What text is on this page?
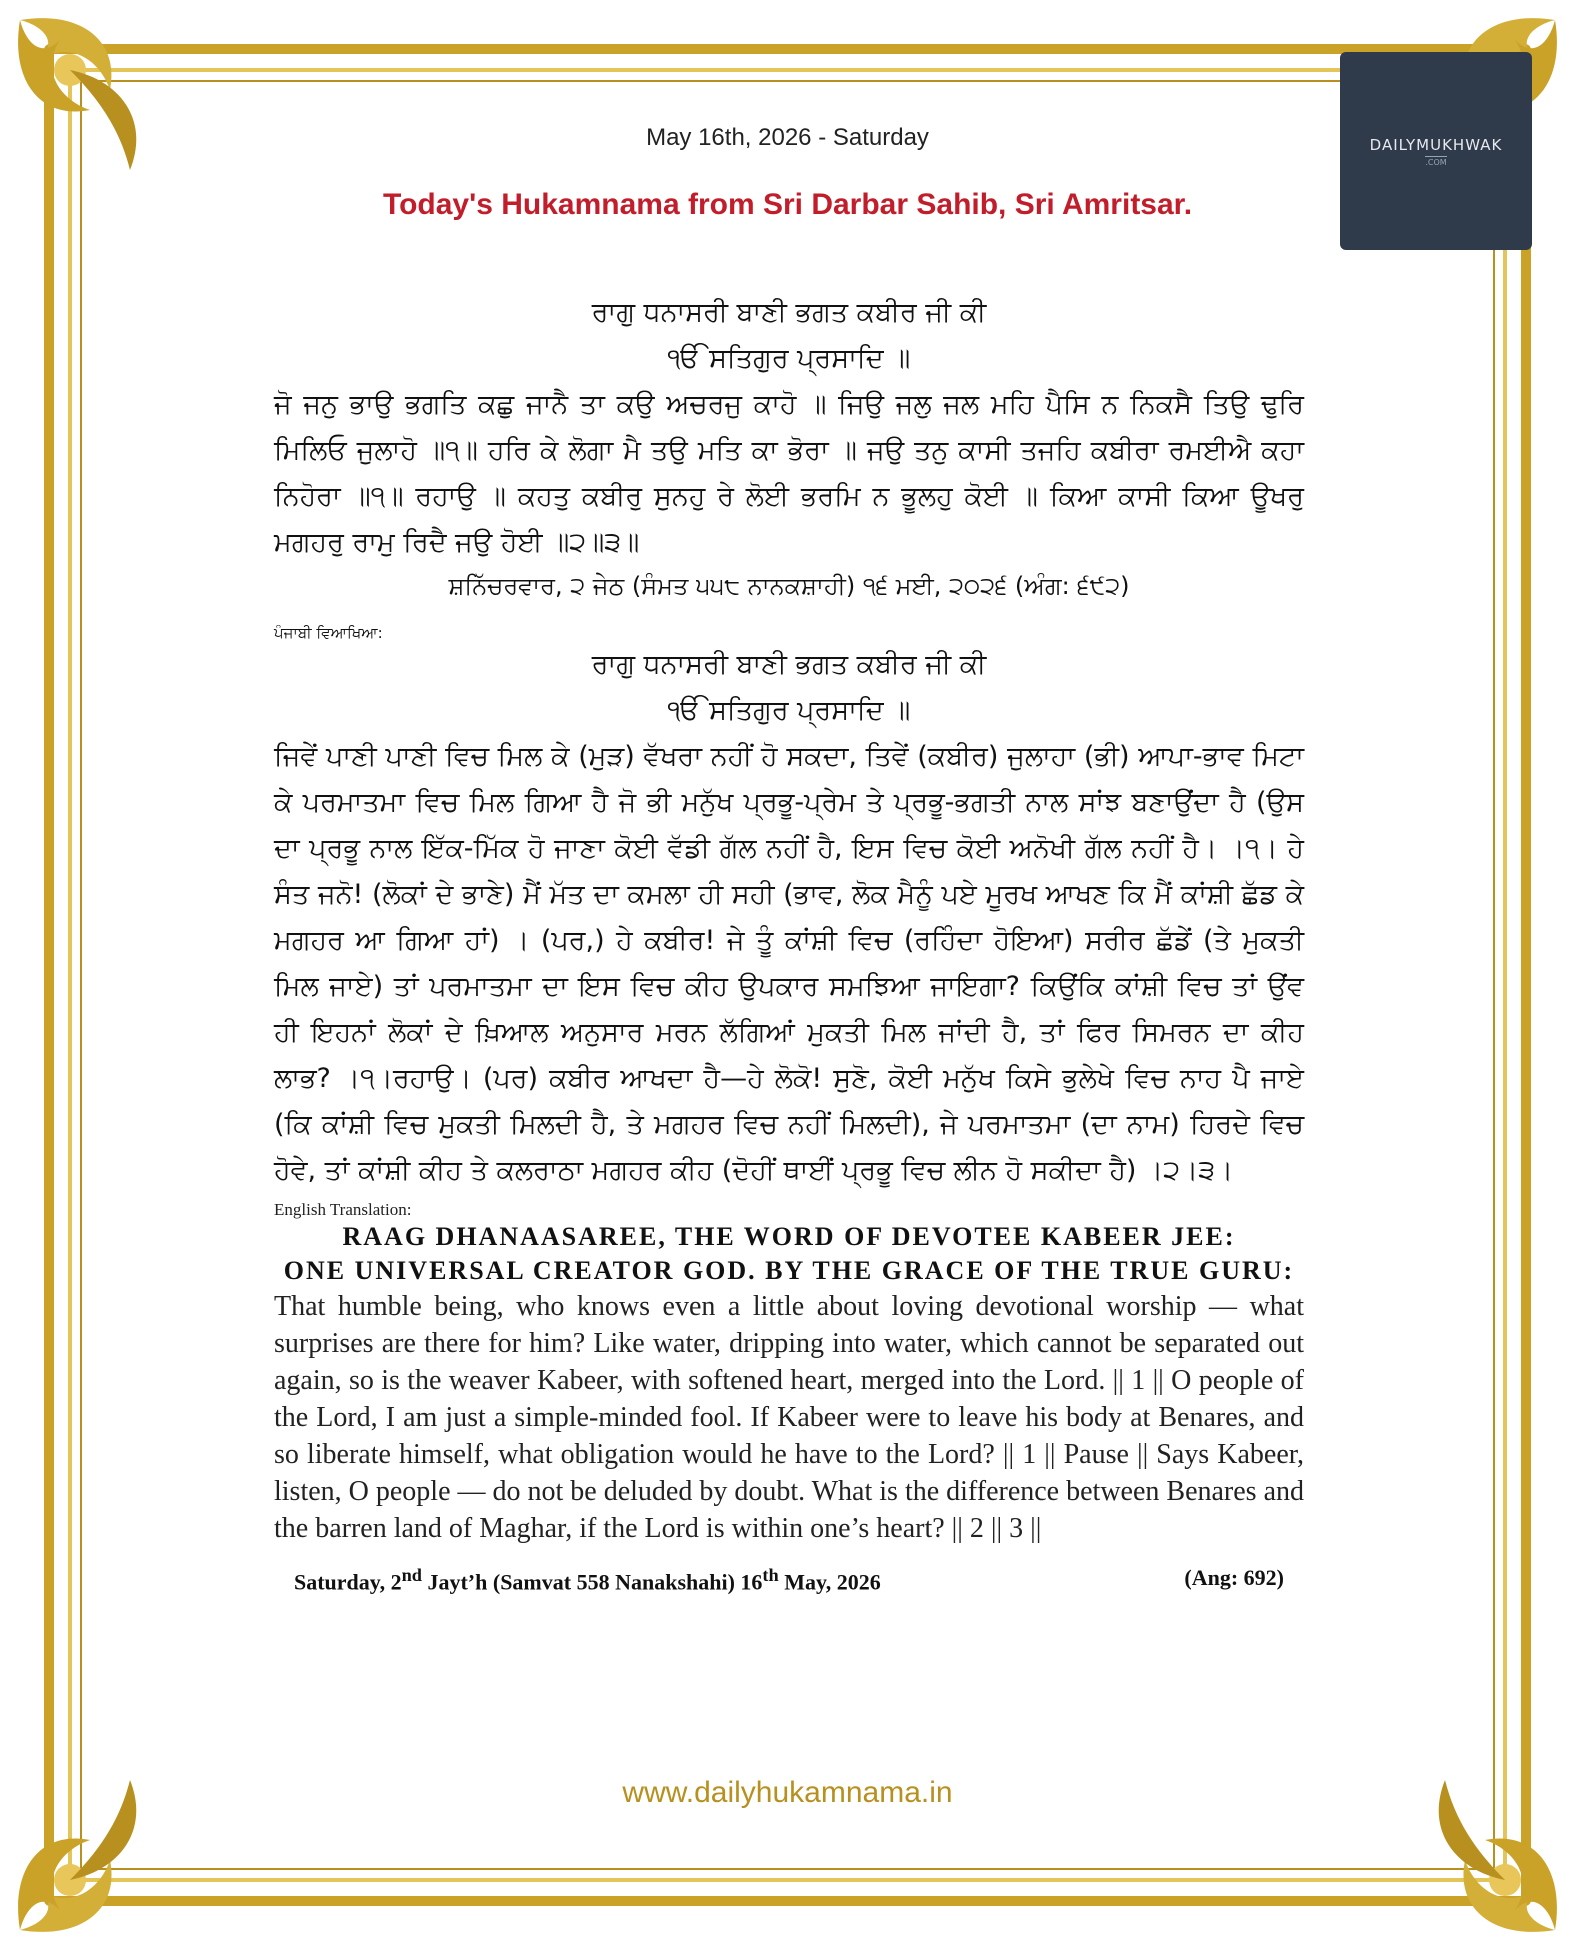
DAILYMUKHWAK
.COM
May 16th, 2026 - Saturday
Today's Hukamnama from Sri Darbar Sahib, Sri Amritsar.
ਰਾਗੁ ਧਨਾਸਰੀ ਬਾਣੀ ਭਗਤ ਕਬੀਰ ਜੀ ਕੀ
ੴ ਸਤਿਗੁਰ ਪ੍ਰਸਾਦਿ ॥
ਜੋ ਜਨੁ ਭਾਉ ਭਗਤਿ ਕਛੁ ਜਾਨੈ ਤਾ ਕਉ ਅਚਰਜੁ ਕਾਹੋ ॥ ਜਿਉ ਜਲੁ ਜਲ ਮਹਿ ਪੈਸਿ ਨ ਨਿਕਸੈ ਤਿਉ ਢੁਰਿ ਮਿਲਿਓ ਜੁਲਾਹੋ ॥੧॥ ਹਰਿ ਕੇ ਲੋਗਾ ਮੈ ਤਉ ਮਤਿ ਕਾ ਭੋਰਾ ॥ ਜਉ ਤਨੁ ਕਾਸੀ ਤਜਹਿ ਕਬੀਰਾ ਰਮਈਐ ਕਹਾ ਨਿਹੋਰਾ ॥੧॥ ਰਹਾਉ ॥ ਕਹਤੁ ਕਬੀਰੁ ਸੁਨਹੁ ਰੇ ਲੋਈ ਭਰਮਿ ਨ ਭੂਲਹੁ ਕੋਈ ॥ ਕਿਆ ਕਾਸੀ ਕਿਆ ਊਖਰੁ ਮਗਹਰੁ ਰਾਮੁ ਰਿਦੈ ਜਉ ਹੋਈ ॥੨॥੩॥
ਸ਼ਨਿੱਚਰਵਾਰ, ੨ ਜੇਠ (ਸੰਮਤ ੫੫੮ ਨਾਨਕਸ਼ਾਹੀ) ੧੬ ਮਈ, ੨੦੨੬ (ਅੰਗ: ੬੯੨)
ਪੰਜਾਬੀ ਵਿਆਖਿਆ:
ਰਾਗੁ ਧਨਾਸਰੀ ਬਾਣੀ ਭਗਤ ਕਬੀਰ ਜੀ ਕੀ
ੴ ਸਤਿਗੁਰ ਪ੍ਰਸਾਦਿ ॥
ਜਿਵੇਂ ਪਾਣੀ ਪਾਣੀ ਵਿਚ ਮਿਲ ਕੇ (ਮੁੜ) ਵੱਖਰਾ ਨਹੀਂ ਹੋ ਸਕਦਾ, ਤਿਵੇਂ (ਕਬੀਰ) ਜੁਲਾਹਾ (ਭੀ) ਆਪਾ-ਭਾਵ ਮਿਟਾ ਕੇ ਪਰਮਾਤਮਾ ਵਿਚ ਮਿਲ ਗਿਆ ਹੈ ਜੋ ਭੀ ਮਨੁੱਖ ਪ੍ਰਭੂ-ਪ੍ਰੇਮ ਤੇ ਪ੍ਰਭੂ-ਭਗਤੀ ਨਾਲ ਸਾਂਝ ਬਣਾਉਂਦਾ ਹੈ (ਉਸ ਦਾ ਪ੍ਰਭੂ ਨਾਲ ਇੱਕ-ਮਿੱਕ ਹੋ ਜਾਣਾ ਕੋਈ ਵੱਡੀ ਗੱਲ ਨਹੀਂ ਹੈ, ਇਸ ਵਿਚ ਕੋਈ ਅਨੋਖੀ ਗੱਲ ਨਹੀਂ ਹੈ। ।੧। ਹੇ ਸੰਤ ਜਨੋ! (ਲੋਕਾਂ ਦੇ ਭਾਣੇ) ਮੈਂ ਮੱਤ ਦਾ ਕਮਲਾ ਹੀ ਸਹੀ (ਭਾਵ, ਲੋਕ ਮੈਨੂੰ ਪਏ ਮੂਰਖ ਆਖਣ ਕਿ ਮੈਂ ਕਾਂਸ਼ੀ ਛੱਡ ਕੇ ਮਗਹਰ ਆ ਗਿਆ ਹਾਂ) । (ਪਰ,) ਹੇ ਕਬੀਰ! ਜੇ ਤੂੰ ਕਾਂਸ਼ੀ ਵਿਚ (ਰਹਿੰਦਾ ਹੋਇਆ) ਸਰੀਰ ਛੱਡੇਂ (ਤੇ ਮੁਕਤੀ ਮਿਲ ਜਾਏ) ਤਾਂ ਪਰਮਾਤਮਾ ਦਾ ਇਸ ਵਿਚ ਕੀਹ ਉਪਕਾਰ ਸਮਝਿਆ ਜਾਇਗਾ? ਕਿਉਂਕਿ ਕਾਂਸ਼ੀ ਵਿਚ ਤਾਂ ਉਂਵ ਹੀ ਇਹਨਾਂ ਲੋਕਾਂ ਦੇ ਖ਼ਿਆਲ ਅਨੁਸਾਰ ਮਰਨ ਲੱਗਿਆਂ ਮੁਕਤੀ ਮਿਲ ਜਾਂਦੀ ਹੈ, ਤਾਂ ਫਿਰ ਸਿਮਰਨ ਦਾ ਕੀਹ ਲਾਭ? ।੧।ਰਹਾਉ। (ਪਰ) ਕਬੀਰ ਆਖਦਾ ਹੈ—ਹੇ ਲੋਕੋ! ਸੁਣੋ, ਕੋਈ ਮਨੁੱਖ ਕਿਸੇ ਭੁਲੇਖੇ ਵਿਚ ਨਾਹ ਪੈ ਜਾਏ (ਕਿ ਕਾਂਸ਼ੀ ਵਿਚ ਮੁਕਤੀ ਮਿਲਦੀ ਹੈ, ਤੇ ਮਗਹਰ ਵਿਚ ਨਹੀਂ ਮਿਲਦੀ), ਜੇ ਪਰਮਾਤਮਾ (ਦਾ ਨਾਮ) ਹਿਰਦੇ ਵਿਚ ਹੋਵੇ, ਤਾਂ ਕਾਂਸ਼ੀ ਕੀਹ ਤੇ ਕਲਰਾਠਾ ਮਗਹਰ ਕੀਹ (ਦੋਹੀਂ ਥਾਈਂ ਪ੍ਰਭੂ ਵਿਚ ਲੀਨ ਹੋ ਸਕੀਦਾ ਹੈ) ।੨।੩।
English Translation:
RAAG DHANAASAREE, THE WORD OF DEVOTEE KABEER JEE:
ONE UNIVERSAL CREATOR GOD. BY THE GRACE OF THE TRUE GURU:
That humble being, who knows even a little about loving devotional worship — what surprises are there for him? Like water, dripping into water, which cannot be separated out again, so is the weaver Kabeer, with softened heart, merged into the Lord. || 1 || O people of the Lord, I am just a simple-minded fool. If Kabeer were to leave his body at Benares, and so liberate himself, what obligation would he have to the Lord? || 1 || Pause || Says Kabeer, listen, O people — do not be deluded by doubt. What is the difference between Benares and the barren land of Maghar, if the Lord is within one’s heart? || 2 || 3 ||
Saturday, 2nd Jayt’h (Samvat 558 Nanakshahi) 16th May, 2026	(Ang: 692)
www.dailyhukamnama.in
